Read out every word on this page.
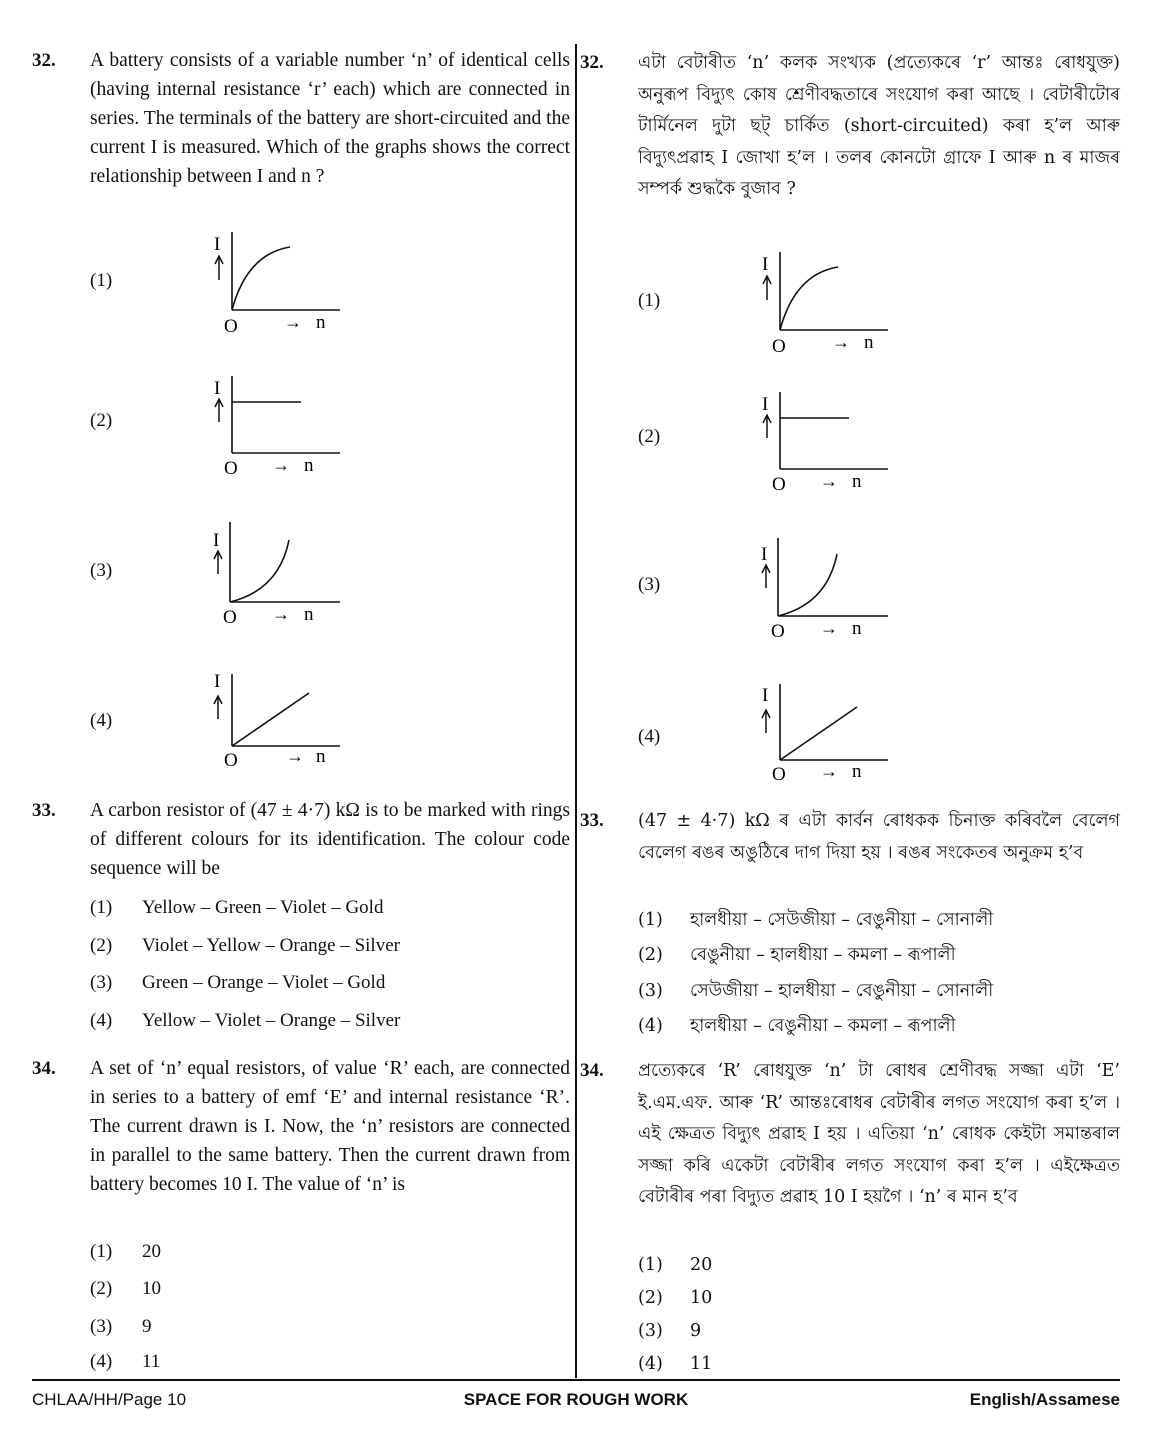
32. A battery consists of a variable number ‘n’ of identical cells (having internal resistance ‘r’ each) which are connected in series. The terminals of the battery are short-circuited and the current I is measured. Which of the graphs shows the correct relationship between I and n ?
(1)
I
O	→ n
(2)
I
O → n
(3)
I
O → n
(4)
I
O	→ n
33. A carbon resistor of (47 ± 4·7) kΩ is to be marked with rings of different colours for its identification. The colour code sequence will be
(1) Yellow – Green – Violet – Gold
(2) Violet – Yellow – Orange – Silver
(3) Green – Orange – Violet – Gold
(4) Yellow – Violet – Orange – Silver
34. A set of ‘n’ equal resistors, of value ‘R’ each, are connected in series to a battery of emf ‘E’ and internal resistance ‘R’. The current drawn is I. Now, the ‘n’ resistors are connected in parallel to the same battery. Then the current drawn from battery becomes 10 I. The value of ‘n’ is
(1) 20
(2) 10
(3) 9
(4) 11
32. এটা বেটাৰীত ‘n’ কলক সংখ্যক (প্ৰত্যেকৰে ‘r’ আন্তঃ ৰোধযুক্ত) অনুৰূপ বিদ্যুৎ কোষ শ্ৰেণীবদ্ধতাৰে সংযোগ কৰা আছে । বেটাৰীটোৰ টাৰ্মিনেল দুটা ছট্ চাৰ্কিত (short-circuited) কৰা হ’ল আৰু বিদ্যুৎপ্ৰৱাহ I জোখা হ’ল । তলৰ কোনটো গ্ৰাফে I আৰু n ৰ মাজৰ সম্পৰ্ক শুদ্ধকৈ বুজাব ?
(1)
I
O	→ n
(2)
I
O → n
(3)
I
O → n
(4)
I
O → n
33. (47 ± 4·7) kΩ ৰ এটা কাৰ্বন ৰোধকক চিনাক্ত কৰিবলৈ বেলেগ বেলেগ ৰঙৰ অঙুঠিৰে দাগ দিয়া হয় । ৰঙৰ সংকেতৰ অনুক্ৰম হ’ব
(1) হালধীয়া – সেউজীয়া – বেঙুনীয়া – সোনালী
(2) বেঙুনীয়া – হালধীয়া – কমলা – ৰূপালী
(3) সেউজীয়া – হালধীয়া – বেঙুনীয়া – সোনালী
(4) হালধীয়া – বেঙুনীয়া – কমলা – ৰূপালী
34. প্ৰত্যেকৰে ‘R’ ৰোধযুক্ত ‘n’ টা ৰোধৰ শ্ৰেণীবদ্ধ সজ্জা এটা ‘E’ ই.এম.এফ. আৰু ‘R’ আন্তঃৰোধৰ বেটাৰীৰ লগত সংযোগ কৰা হ’ল । এই ক্ষেত্ৰত বিদ্যুৎ প্ৰৱাহ I হয় । এতিয়া ‘n’ ৰোধক কেইটা সমান্তৰাল সজ্জা কৰি একেটা বেটাৰীৰ লগত সংযোগ কৰা হ’ল । এইক্ষেত্ৰত বেটাৰীৰ পৰা বিদ্যুত প্ৰৱাহ 10 I হয়গৈ । ‘n’ ৰ মান হ’ব
(1) 20
(2) 10
(3) 9
(4) 11
CHLAA/HH/Page 10	SPACE FOR ROUGH WORK	English/Assamese
